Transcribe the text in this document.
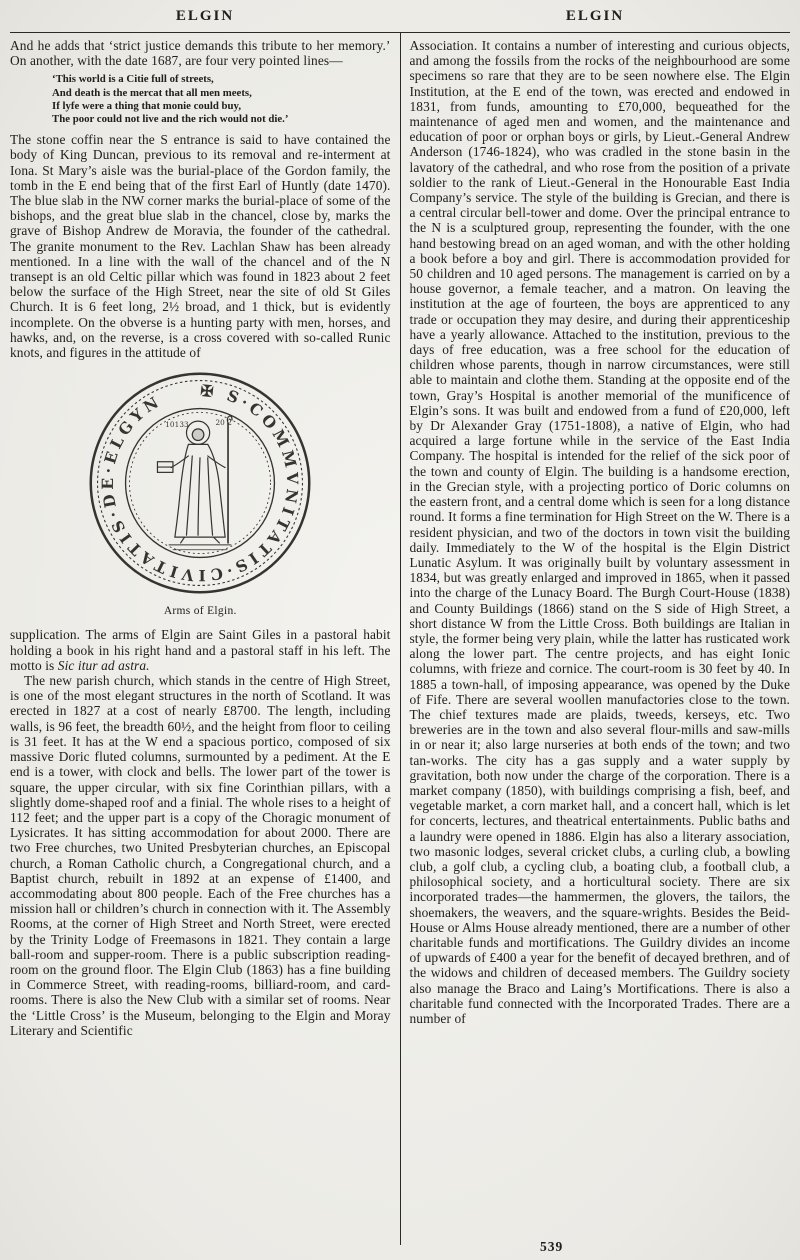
ELGIN	ELGIN

And he adds that ‘strict justice demands this tribute to her memory.’ On another, with the date 1687, are four very pointed lines—

‘This world is a Citie full of streets,
And death is the mercat that all men meets,
If lyfe were a thing that monie could buy,
The poor could not live and the rich would not die.’

The stone coffin near the S entrance is said to have contained the body of King Duncan, previous to its removal and re-interment at Iona. St Mary’s aisle was the burial-place of the Gordon family, the tomb in the E end being that of the first Earl of Huntly (date 1470). The blue slab in the NW corner marks the burial-place of some of the bishops, and the great blue slab in the chancel, close by, marks the grave of Bishop Andrew de Moravia, the founder of the cathedral. The granite monument to the Rev. Lachlan Shaw has been already mentioned. In a line with the wall of the chancel and of the N transept is an old Celtic pillar which was found in 1823 about 2 feet below the surface of the High Street, near the site of old St Giles Church. It is 6 feet long, 2½ broad, and 1 thick, but is evidently incomplete. On the obverse is a hunting party with men, horses, and hawks, and, on the reverse, is a cross covered with so-called Runic knots, and figures in the attitude of

✠ S·COMMVNITATIS·CIVITATIS·DE·ELGYN
10133	20 2
Arms of Elgin.

supplication. The arms of Elgin are Saint Giles in a pastoral habit holding a book in his right hand and a pastoral staff in his left. The motto is Sic itur ad astra.

The new parish church, which stands in the centre of High Street, is one of the most elegant structures in the north of Scotland. It was erected in 1827 at a cost of nearly £8700. The length, including walls, is 96 feet, the breadth 60½, and the height from floor to ceiling is 31 feet. It has at the W end a spacious portico, composed of six massive Doric fluted columns, surmounted by a pediment. At the E end is a tower, with clock and bells. The lower part of the tower is square, the upper circular, with six fine Corinthian pillars, with a slightly dome-shaped roof and a finial. The whole rises to a height of 112 feet; and the upper part is a copy of the Choragic monument of Lysicrates. It has sitting accommodation for about 2000. There are two Free churches, two United Presbyterian churches, an Episcopal church, a Roman Catholic church, a Congregational church, and a Baptist church, rebuilt in 1892 at an expense of £1400, and accommodating about 800 people. Each of the Free churches has a mission hall or children’s church in connection with it. The Assembly Rooms, at the corner of High Street and North Street, were erected by the Trinity Lodge of Freemasons in 1821. They contain a large ball-room and supper-room. There is a public subscription reading-room on the ground floor. The Elgin Club (1863) has a fine building in Commerce Street, with reading-rooms, billiard-room, and card-rooms. There is also the New Club with a similar set of rooms. Near the ‘Little Cross’ is the Museum, belonging to the Elgin and Moray Literary and Scientific

Association. It contains a number of interesting and curious objects, and among the fossils from the rocks of the neighbourhood are some specimens so rare that they are to be seen nowhere else. The Elgin Institution, at the E end of the town, was erected and endowed in 1831, from funds, amounting to £70,000, bequeathed for the maintenance of aged men and women, and the maintenance and education of poor or orphan boys or girls, by Lieut.-General Andrew Anderson (1746-1824), who was cradled in the stone basin in the lavatory of the cathedral, and who rose from the position of a private soldier to the rank of Lieut.-General in the Honourable East India Company’s service. The style of the building is Grecian, and there is a central circular bell-tower and dome. Over the principal entrance to the N is a sculptured group, representing the founder, with the one hand bestowing bread on an aged woman, and with the other holding a book before a boy and girl. There is accommodation provided for 50 children and 10 aged persons. The management is carried on by a house governor, a female teacher, and a matron. On leaving the institution at the age of fourteen, the boys are apprenticed to any trade or occupation they may desire, and during their apprenticeship have a yearly allowance. Attached to the institution, previous to the days of free education, was a free school for the education of children whose parents, though in narrow circumstances, were still able to maintain and clothe them. Standing at the opposite end of the town, Gray’s Hospital is another memorial of the munificence of Elgin’s sons. It was built and endowed from a fund of £20,000, left by Dr Alexander Gray (1751-1808), a native of Elgin, who had acquired a large fortune while in the service of the East India Company. The hospital is intended for the relief of the sick poor of the town and county of Elgin. The building is a handsome erection, in the Grecian style, with a projecting portico of Doric columns on the eastern front, and a central dome which is seen for a long distance round. It forms a fine termination for High Street on the W. There is a resident physician, and two of the doctors in town visit the building daily. Immediately to the W of the hospital is the Elgin District Lunatic Asylum. It was originally built by voluntary assessment in 1834, but was greatly enlarged and improved in 1865, when it passed into the charge of the Lunacy Board. The Burgh Court-House (1838) and County Buildings (1866) stand on the S side of High Street, a short distance W from the Little Cross. Both buildings are Italian in style, the former being very plain, while the latter has rusticated work along the lower part. The centre projects, and has eight Ionic columns, with frieze and cornice. The court-room is 30 feet by 40. In 1885 a town-hall, of imposing appearance, was opened by the Duke of Fife. There are several woollen manufactories close to the town. The chief textures made are plaids, tweeds, kerseys, etc. Two breweries are in the town and also several flour-mills and saw-mills in or near it; also large nurseries at both ends of the town; and two tan-works. The city has a gas supply and a water supply by gravitation, both now under the charge of the corporation. There is a market company (1850), with buildings comprising a fish, beef, and vegetable market, a corn market hall, and a concert hall, which is let for concerts, lectures, and theatrical entertainments. Public baths and a laundry were opened in 1886. Elgin has also a literary association, two masonic lodges, several cricket clubs, a curling club, a bowling club, a golf club, a cycling club, a boating club, a football club, a philosophical society, and a horticultural society. There are six incorporated trades—the hammermen, the glovers, the tailors, the shoemakers, the weavers, and the square-wrights. Besides the Beid-House or Alms House already mentioned, there are a number of other charitable funds and mortifications. The Guildry divides an income of upwards of £400 a year for the benefit of decayed brethren, and of the widows and children of deceased members. The Guildry society also manage the Braco and Laing’s Mortifications. There is also a charitable fund connected with the Incorporated Trades. There are a number of

539
